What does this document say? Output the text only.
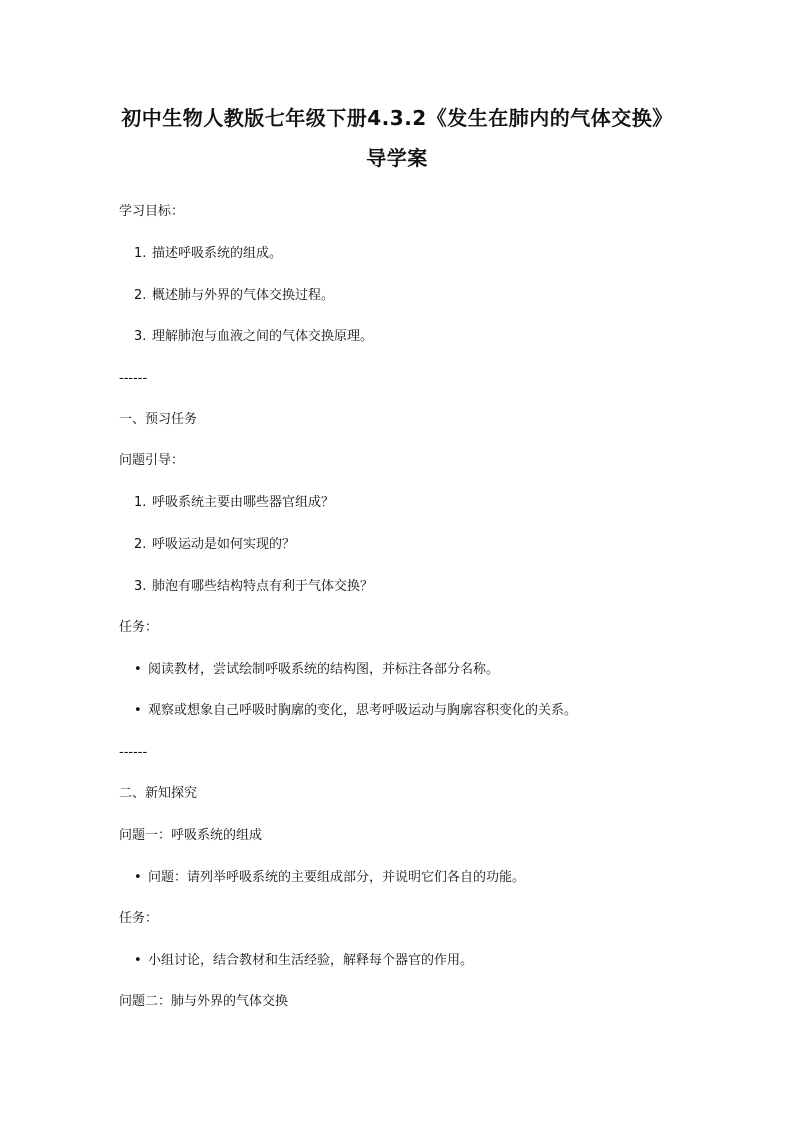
初中生物人教版七年级下册4.3.2《发生在肺内的气体交换》
导学案
学习目标：
1. 描述呼吸系统的组成。
2. 概述肺与外界的气体交换过程。
3. 理解肺泡与血液之间的气体交换原理。
------
一、预习任务
问题引导：
1. 呼吸系统主要由哪些器官组成？
2. 呼吸运动是如何实现的？
3. 肺泡有哪些结构特点有利于气体交换？
任务：
• 阅读教材，尝试绘制呼吸系统的结构图，并标注各部分名称。
• 观察或想象自己呼吸时胸廓的变化，思考呼吸运动与胸廓容积变化的关系。
------
二、新知探究
问题一：呼吸系统的组成
• 问题：请列举呼吸系统的主要组成部分，并说明它们各自的功能。
任务：
• 小组讨论，结合教材和生活经验，解释每个器官的作用。
问题二：肺与外界的气体交换
